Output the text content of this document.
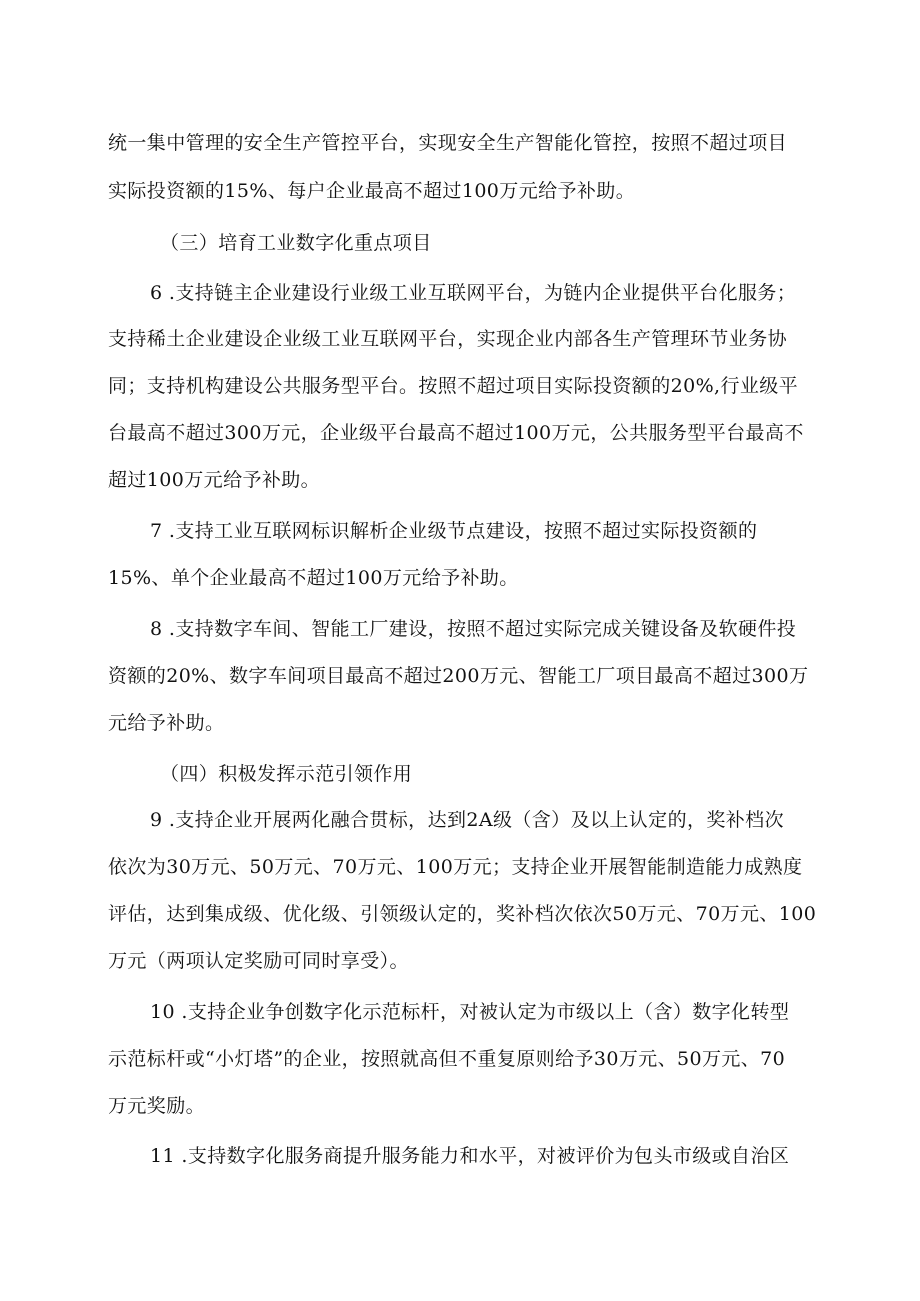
统一集中管理的安全生产管控平台，实现安全生产智能化管控，按照不超过项目
实际投资额的15%、每户企业最高不超过100万元给予补助。
（三）培育工业数字化重点项目
6 .支持链主企业建设行业级工业互联网平台，为链内企业提供平台化服务；
支持稀土企业建设企业级工业互联网平台，实现企业内部各生产管理环节业务协
同；支持机构建设公共服务型平台。按照不超过项目实际投资额的20%,行业级平
台最高不超过300万元，企业级平台最高不超过100万元，公共服务型平台最高不
超过100万元给予补助。
7 .支持工业互联网标识解析企业级节点建设，按照不超过实际投资额的
15%、单个企业最高不超过100万元给予补助。
8 .支持数字车间、智能工厂建设，按照不超过实际完成关键设备及软硬件投
资额的20%、数字车间项目最高不超过200万元、智能工厂项目最高不超过300万
元给予补助。
（四）积极发挥示范引领作用
9 .支持企业开展两化融合贯标，达到2A级（含）及以上认定的，奖补档次
依次为30万元、50万元、70万元、100万元；支持企业开展智能制造能力成熟度
评估，达到集成级、优化级、引领级认定的，奖补档次依次50万元、70万元、100
万元（两项认定奖励可同时享受）。
10 .支持企业争创数字化示范标杆，对被认定为市级以上（含）数字化转型
示范标杆或“小灯塔”的企业，按照就高但不重复原则给予30万元、50万元、70
万元奖励。
11 .支持数字化服务商提升服务能力和水平，对被评价为包头市级或自治区
